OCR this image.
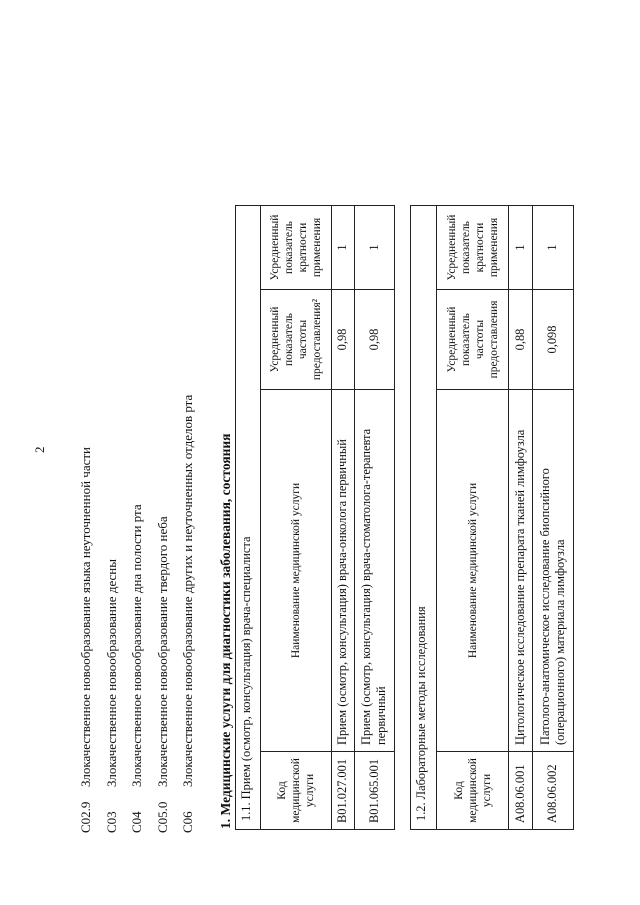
2
C02.9
Злокачественное новообразование языка неуточненной части
C03
Злокачественное новообразование десны
C04
Злокачественное новообразование дна полости рта
C05.0
Злокачественное новообразование твердого неба
C06
Злокачественное новообразование других и неуточненных отделов рта	1. Медицинские услуги для диагностики заболевания, состояния 1.1. Прием (осмотр, консультация) врача-специалиста			
Код медицинской услуги	Наименование медицинской услуги	Усредненный показатель частоты предоставления²	Усредненный показатель кратности применения
B01.027.001	Прием (осмотр, консультация) врача-онколога первичный	0,98	1
B01.065.001	Прием (осмотр, консультация) врача-стоматолога-терапевта первичный	0,98	1
1.2. Лабораторные методы исследования			
Код медицинской услуги	Наименование медицинской услуги	Усредненный показатель частоты предоставления	Усредненный показатель кратности применения
A08.06.001	Цитологическое исследование препарата тканей лимфоузла	0,88	1
A08.06.002	Патолого-анатомическое исследование биопсийного (операционного) материала лимфоузла	0,098	1
